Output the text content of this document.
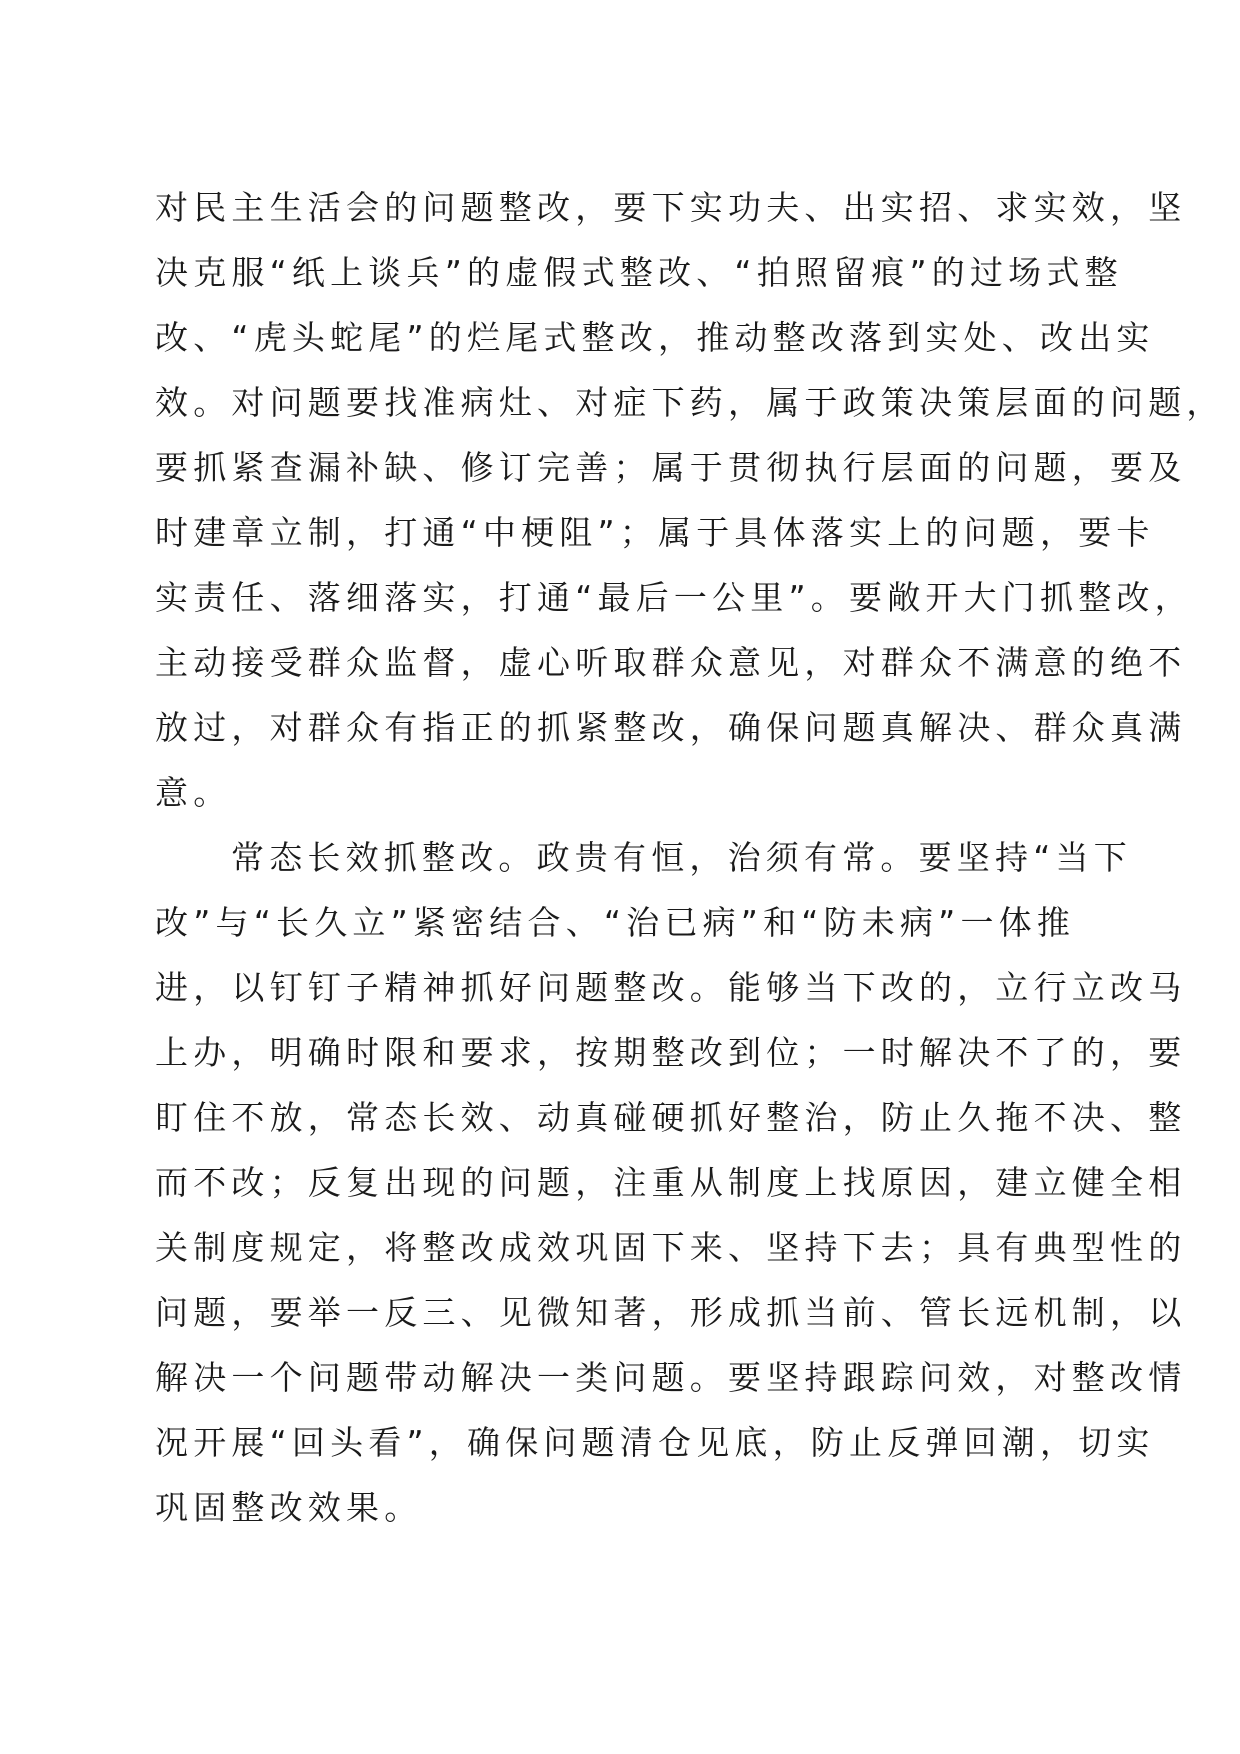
对民主生活会的问题整改，要下实功夫、出实招、求实效，坚
决克服“纸上谈兵”的虚假式整改、“拍照留痕”的过场式整
改、“虎头蛇尾”的烂尾式整改，推动整改落到实处、改出实
效。对问题要找准病灶、对症下药，属于政策决策层面的问题，
要抓紧查漏补缺、修订完善；属于贯彻执行层面的问题，要及
时建章立制，打通“中梗阻”；属于具体落实上的问题，要卡
实责任、落细落实，打通“最后一公里”。要敞开大门抓整改，
主动接受群众监督，虚心听取群众意见，对群众不满意的绝不
放过，对群众有指正的抓紧整改，确保问题真解决、群众真满
意。
常态长效抓整改。政贵有恒，治须有常。要坚持“当下
改”与“长久立”紧密结合、“治已病”和“防未病”一体推
进，以钉钉子精神抓好问题整改。能够当下改的，立行立改马
上办，明确时限和要求，按期整改到位；一时解决不了的，要
盯住不放，常态长效、动真碰硬抓好整治，防止久拖不决、整
而不改；反复出现的问题，注重从制度上找原因，建立健全相
关制度规定，将整改成效巩固下来、坚持下去；具有典型性的
问题，要举一反三、见微知著，形成抓当前、管长远机制，以
解决一个问题带动解决一类问题。要坚持跟踪问效，对整改情
况开展“回头看”，确保问题清仓见底，防止反弹回潮，切实
巩固整改效果。
